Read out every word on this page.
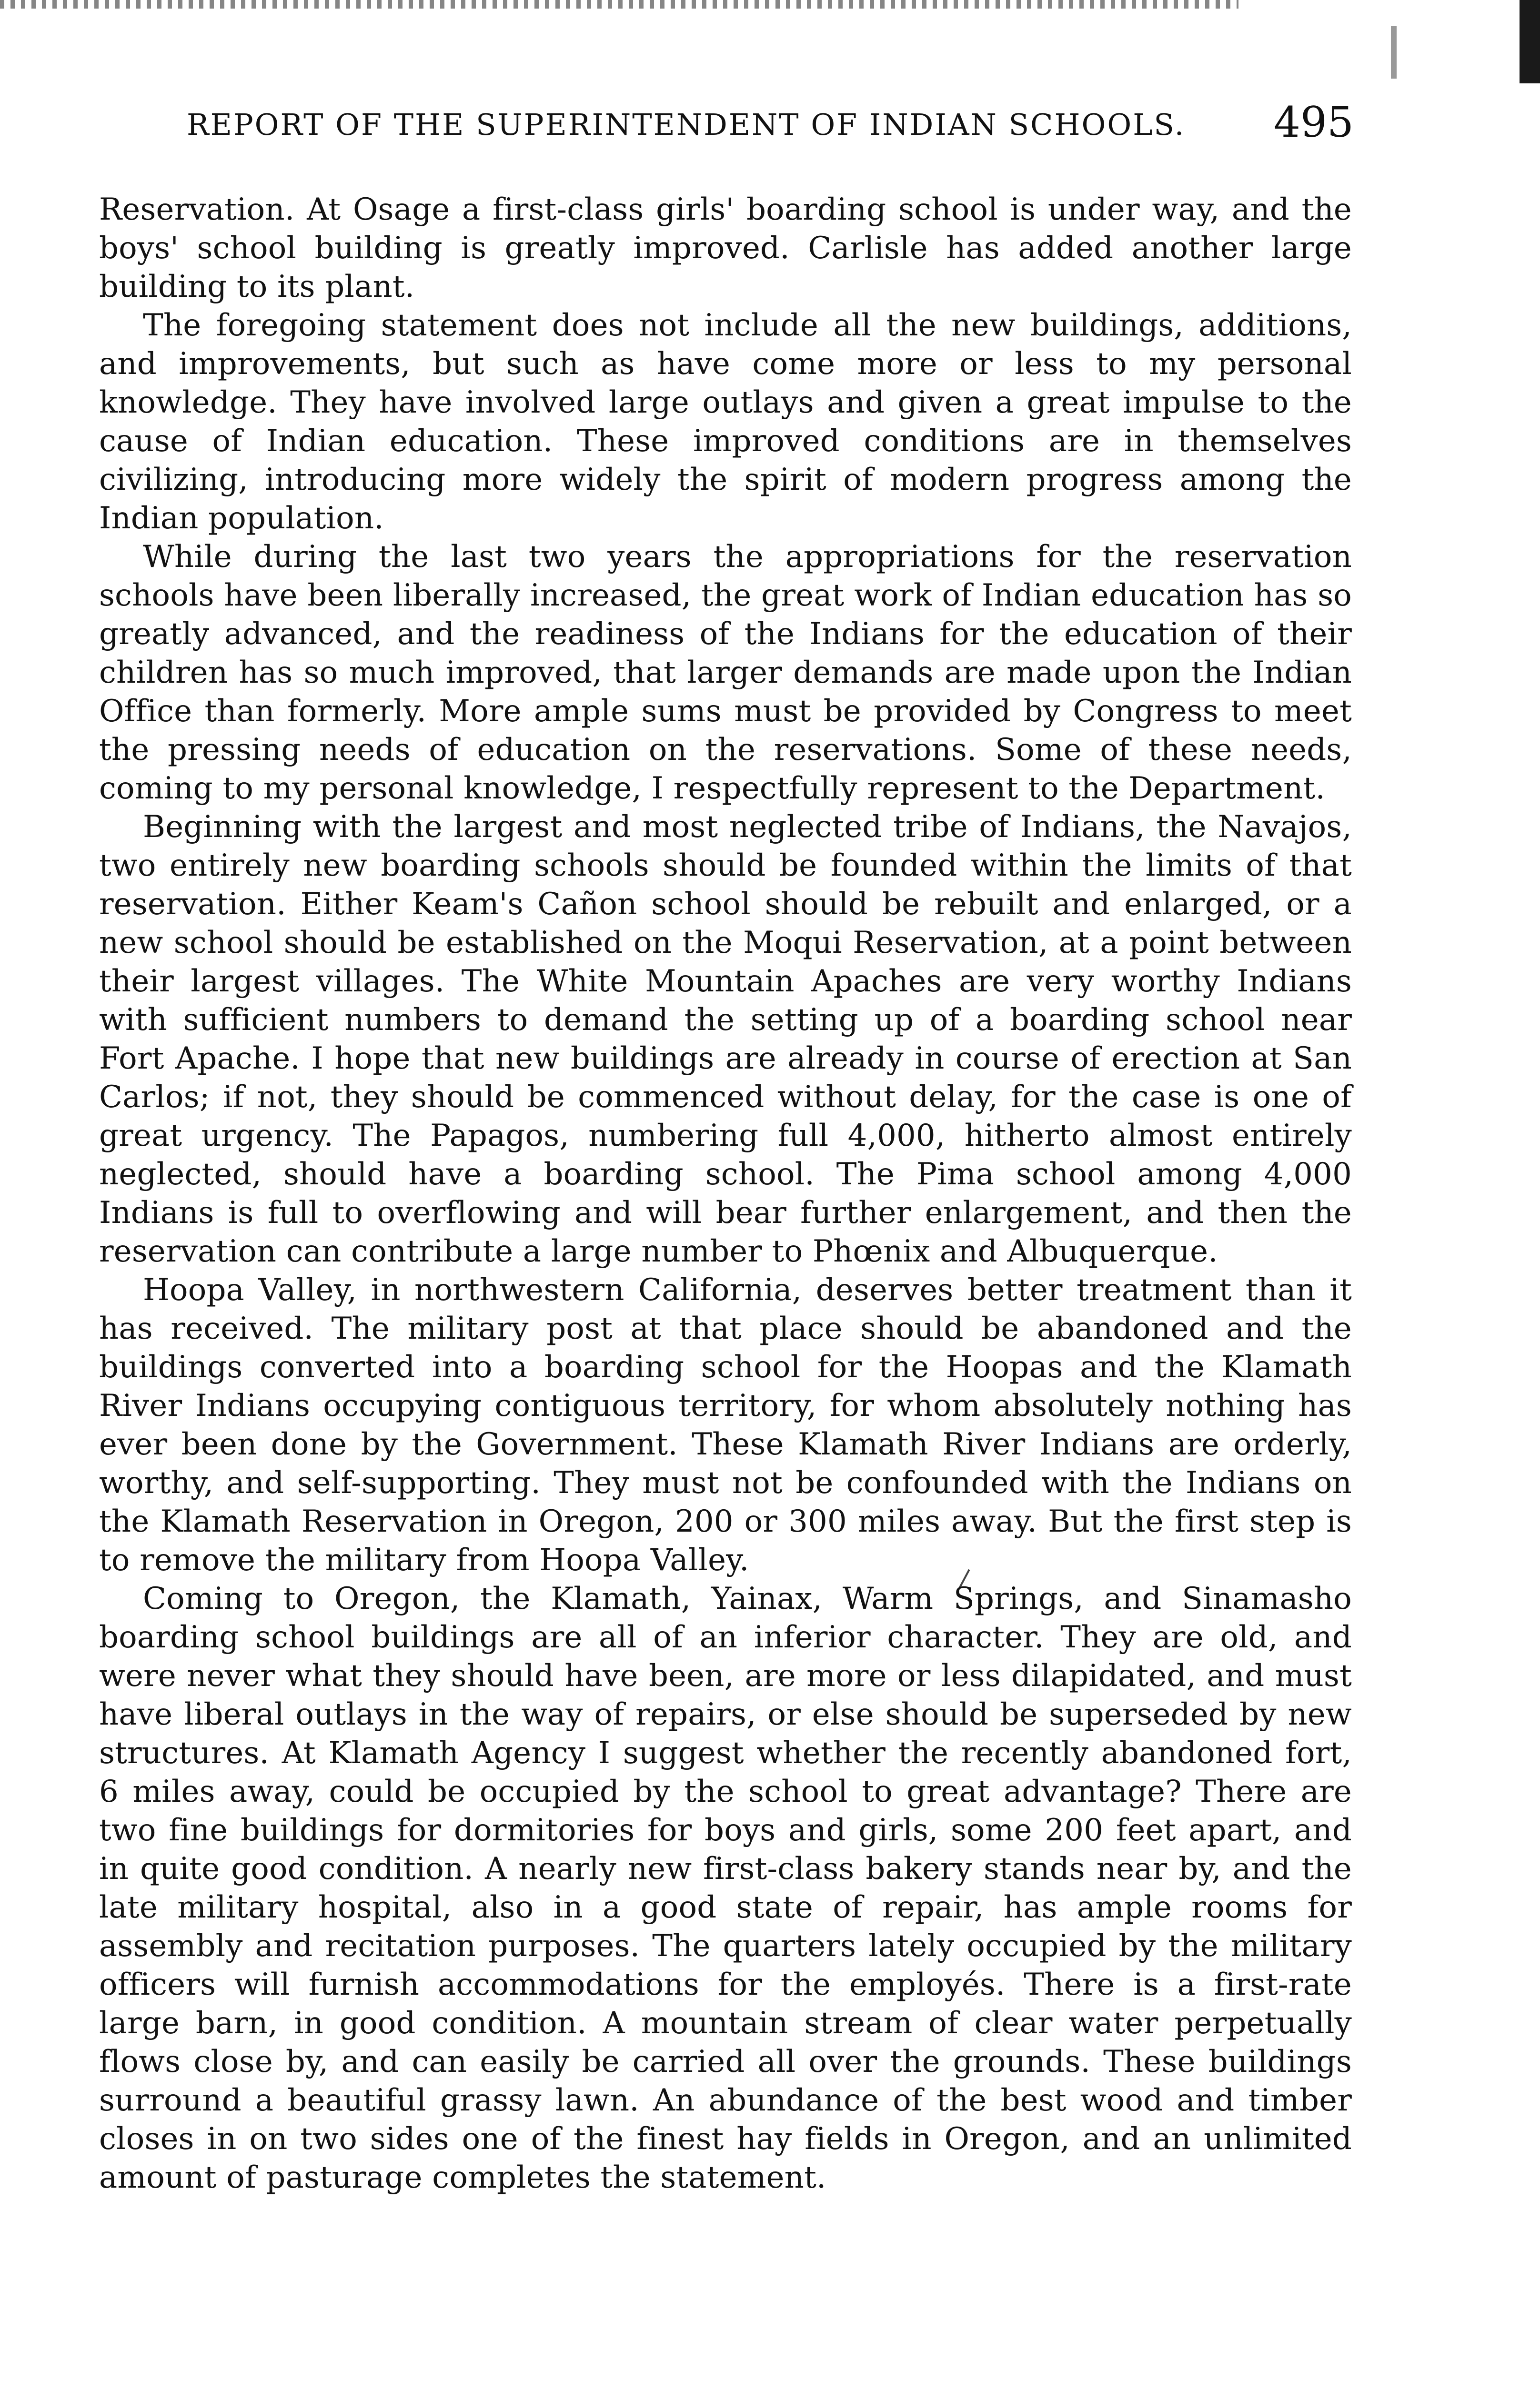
REPORT OF THE SUPERINTENDENT OF INDIAN SCHOOLS. 495

Reservation. At Osage a first-class girls' boarding school is under way, and the boys' school building is greatly improved. Carlisle has added another large building to its plant.

The foregoing statement does not include all the new buildings, additions, and improvements, but such as have come more or less to my personal knowledge. They have involved large outlays and given a great impulse to the cause of Indian education. These improved conditions are in themselves civilizing, introducing more widely the spirit of modern progress among the Indian population.

While during the last two years the appropriations for the reservation schools have been liberally increased, the great work of Indian education has so greatly advanced, and the readiness of the Indians for the education of their children has so much improved, that larger demands are made upon the Indian Office than formerly. More ample sums must be provided by Congress to meet the pressing needs of education on the reservations. Some of these needs, coming to my personal knowledge, I respectfully represent to the Department.

Beginning with the largest and most neglected tribe of Indians, the Navajos, two entirely new boarding schools should be founded within the limits of that reservation. Either Keam's Cañon school should be rebuilt and enlarged, or a new school should be established on the Moqui Reservation, at a point between their largest villages. The White Mountain Apaches are very worthy Indians with sufficient numbers to demand the setting up of a boarding school near Fort Apache. I hope that new buildings are already in course of erection at San Carlos; if not, they should be commenced without delay, for the case is one of great urgency. The Papagos, numbering full 4,000, hitherto almost entirely neglected, should have a boarding school. The Pima school among 4,000 Indians is full to overflowing and will bear further enlargement, and then the reservation can contribute a large number to Phœnix and Albuquerque.

Hoopa Valley, in northwestern California, deserves better treatment than it has received. The military post at that place should be abandoned and the buildings converted into a boarding school for the Hoopas and the Klamath River Indians occupying contiguous territory, for whom absolutely nothing has ever been done by the Government. These Klamath River Indians are orderly, worthy, and self-supporting. They must not be confounded with the Indians on the Klamath Reservation in Oregon, 200 or 300 miles away. But the first step is to remove the military from Hoopa Valley.

Coming to Oregon, the Klamath, Yainax, Warm Springs, and Sinamasho boarding school buildings are all of an inferior character. They are old, and were never what they should have been, are more or less dilapidated, and must have liberal outlays in the way of repairs, or else should be superseded by new structures. At Klamath Agency I suggest whether the recently abandoned fort, 6 miles away, could be occupied by the school to great advantage? There are two fine buildings for dormitories for boys and girls, some 200 feet apart, and in quite good condition. A nearly new first-class bakery stands near by, and the late military hospital, also in a good state of repair, has ample rooms for assembly and recitation purposes. The quarters lately occupied by the military officers will furnish accommodations for the employés. There is a first-rate large barn, in good condition. A mountain stream of clear water perpetually flows close by, and can easily be carried all over the grounds. These buildings surround a beautiful grassy lawn. An abundance of the best wood and timber closes in on two sides one of the finest hay fields in Oregon, and an unlimited amount of pasturage completes the statement.
